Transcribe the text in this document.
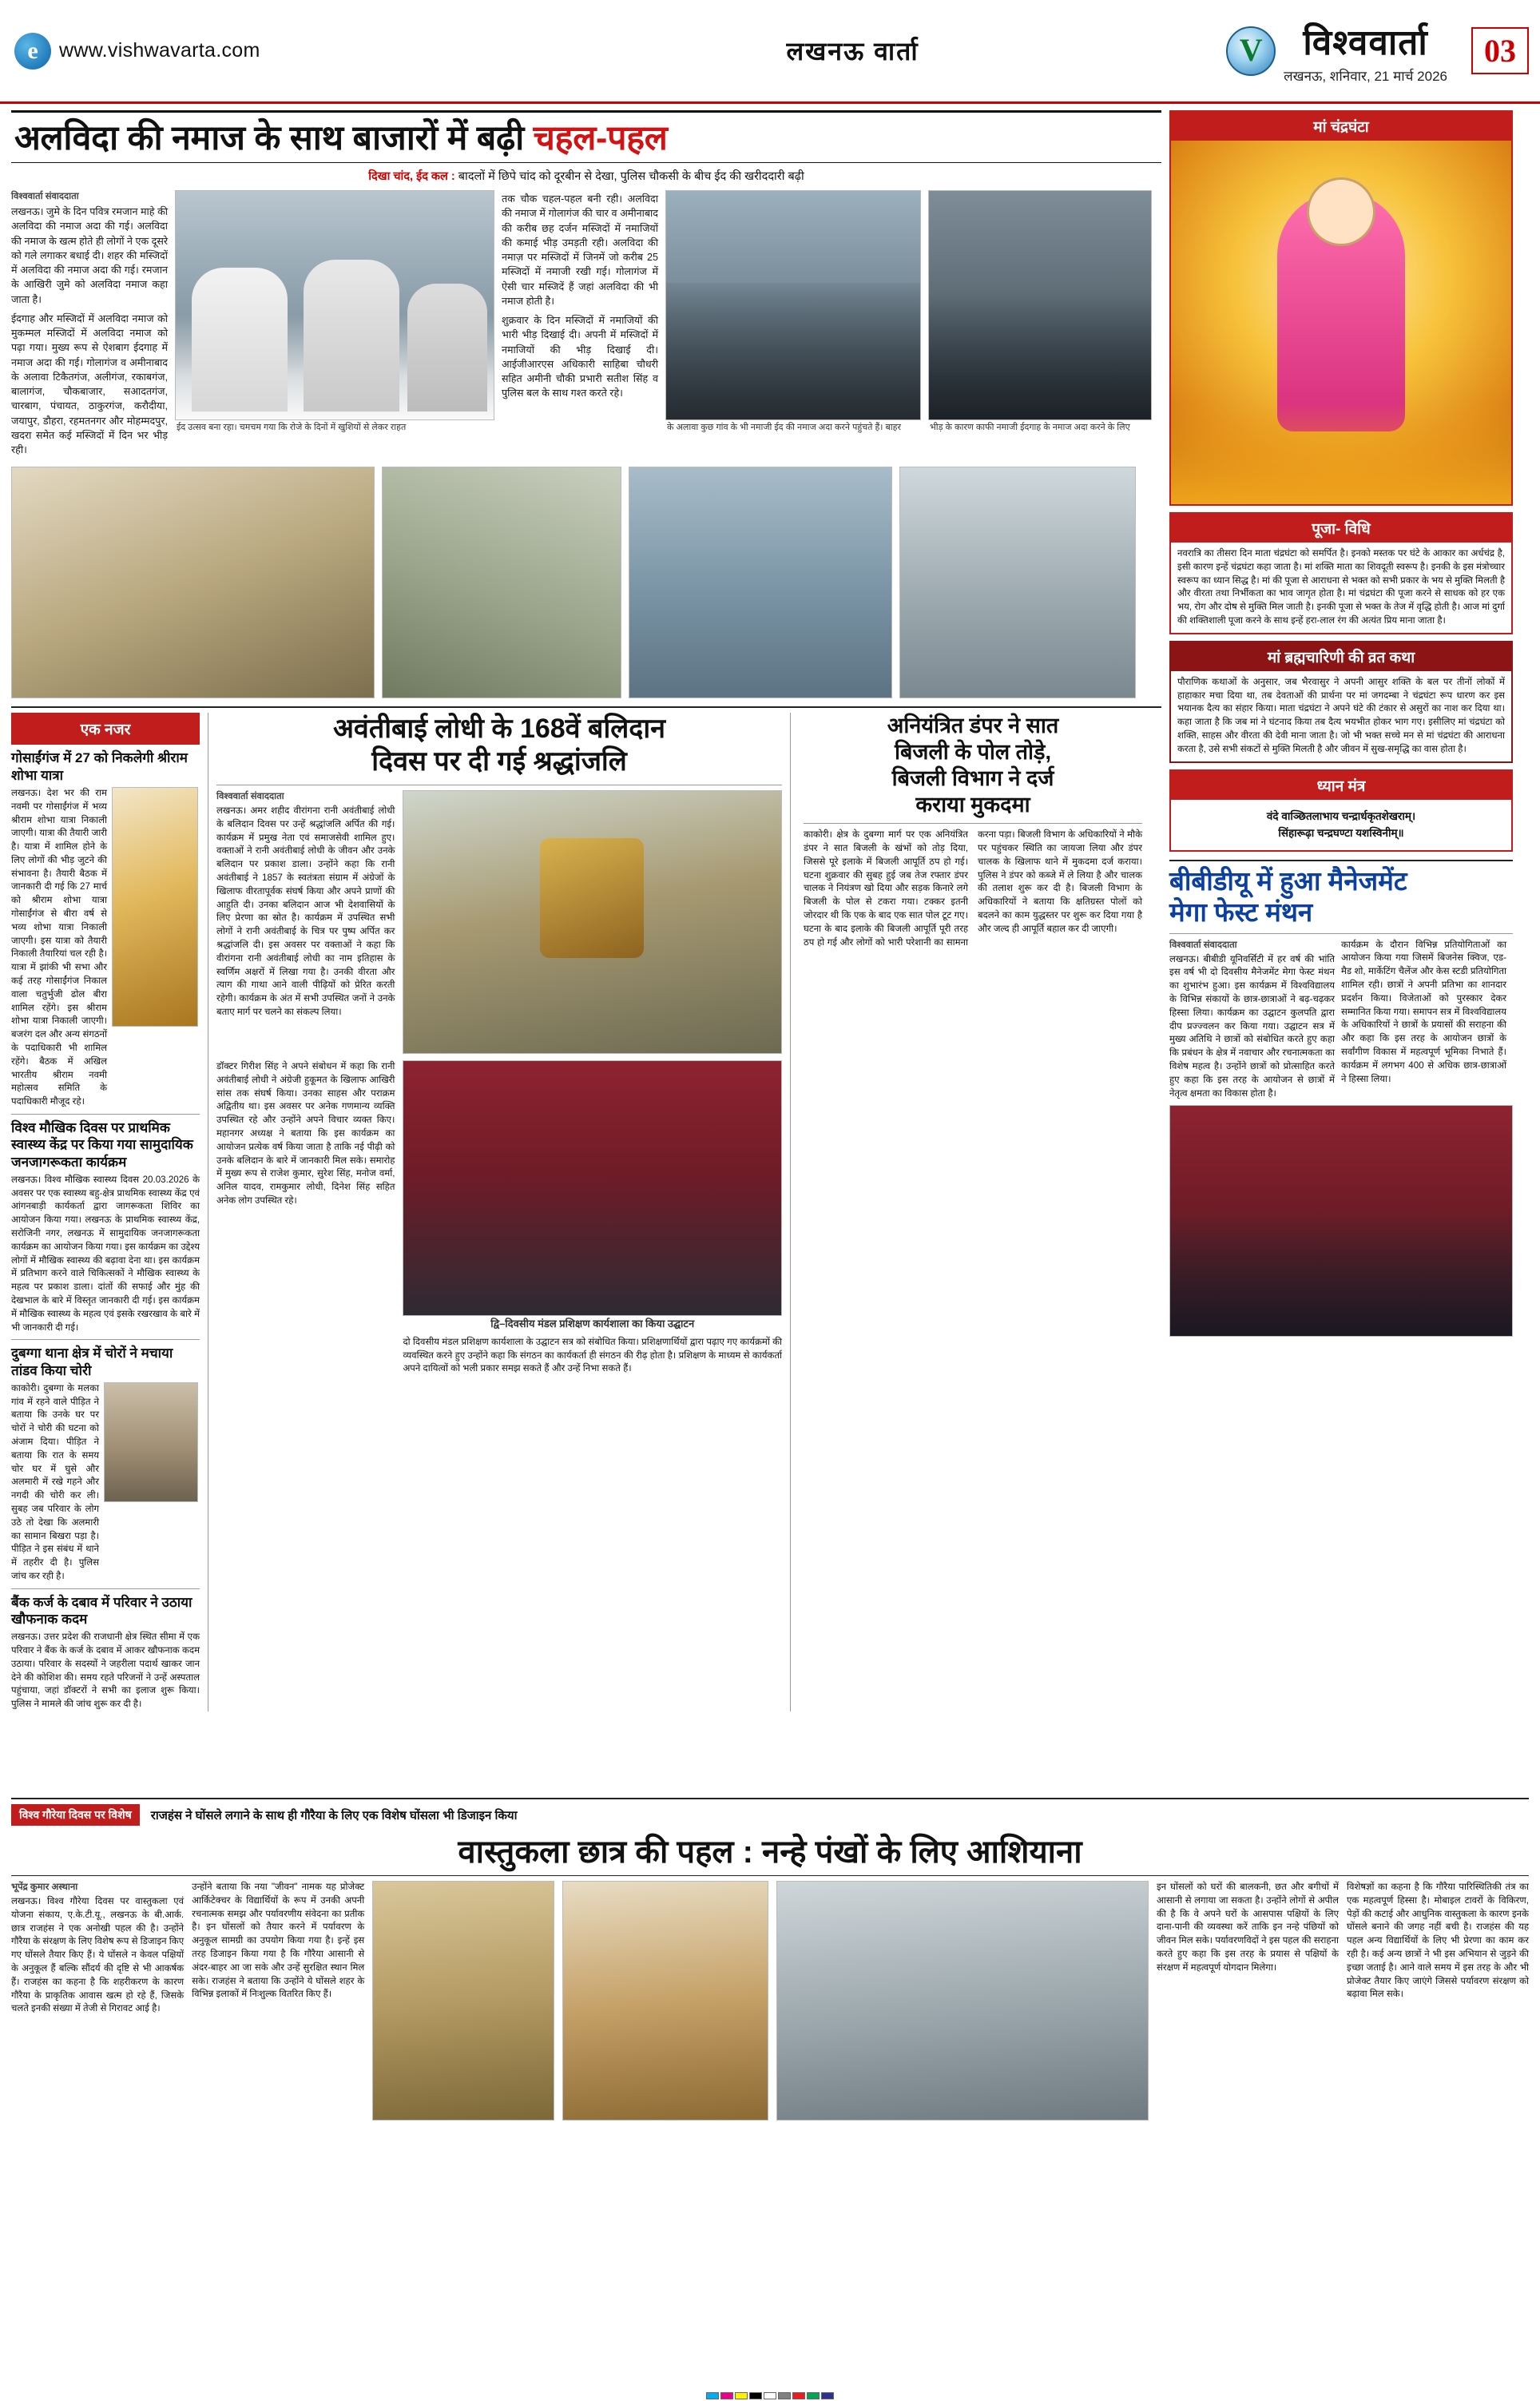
e	www.vishwavarta.com	लखनऊ वार्ता V	विश्ववार्ता
लखनऊ, शनिवार, 21 मार्च 2026
03
अलविदा की नमाज के साथ बाजारों में बढ़ी चहल-पहल
दिखा चांद, ईद कल : बादलों में छिपे चांद को दूरबीन से देखा, पुलिस चौकसी के बीच ईद की खरीददारी बढ़ी
विश्ववार्ता संवाददाता

लखनऊ। जुमे के दिन पवित्र रमजान माहे की अलविदा की नमाज अदा की गई। अलविदा की नमाज के खत्म होते ही लोगों ने एक दूसरे को गले लगाकर बधाई दी। शहर की मस्जिदों में अलविदा की नमाज अदा की गई। रमजान के आखिरी जुमे को अलविदा नमाज कहा जाता है।

ईदगाह और मस्जिदों में अलविदा नमाज को मुकम्मल मस्जिदों में अलविदा नमाज को पढ़ा गया। मुख्य रूप से ऐशबाग ईदगाह में नमाज अदा की गई। गोलागंज व अमीनाबाद के अलावा टिकैतगंज, अलीगंज, रकाबगंज, बालागंज, चौकबाजार, सआदतगंज, चारबाग, पंचायत, ठाकुरगंज, करौदीया, जयापुर, डौहरा, रहमतनगर और मोहम्मदपुर, खदरा समेत कई मस्जिदों में दिन भर भीड़ रही।

ईद उत्सव बना रहा। चमचम गया कि रोजे के दिनों में खुशियों से लेकर राहत

तक चौक चहल-पहल बनी रही। अलविदा की नमाज में गोलागंज की चार व अमीनाबाद की करीब छह दर्जन मस्जिदों में नमाजियों की कमाई भीड़ उमड़ती रही। अलविदा की नमाज़ पर मस्जिदों में जिनमें जो करीब 25 मस्जिदों में नमाजी रखी गई। गोलागंज में ऐसी चार मस्जिदें हैं जहां अलविदा की भी नमाज होती है।

शुक्रवार के दिन मस्जिदों में नमाजियों की भारी भीड़ दिखाई दी। अपनी में मस्जिदों में नमाजियों की भीड़ दिखाई दी। आईजीआरएस अधिकारी साहिबा चौधरी सहित अमीनी चौकी प्रभारी सतीश सिंह व पुलिस बल के साथ गश्त करते रहे।

के अलावा कुछ गांव के भी नमाजी ईद की नमाज अदा करने पहुंचते हैं। बाहर	भीड़ के कारण काफी नमाजी ईदगाह के नमाज अदा करने के लिए
एक नजर
गोसाईंगंज में 27 को निकलेगी श्रीराम शोभा यात्रा
लखनऊ। देश भर की राम नवमी पर गोसाईंगंज में भव्य श्रीराम शोभा यात्रा निकाली जाएगी। यात्रा की तैयारी जारी है। यात्रा में शामिल होने के लिए लोगों की भीड़ जुटने की संभावना है। तैयारी बैठक में जानकारी दी गई कि 27 मार्च को श्रीराम शोभा यात्रा गोसाईंगंज से बीरा वर्ष से भव्य शोभा यात्रा निकाली जाएगी। इस यात्रा को तैयारी निकाली तैयारियां चल रही है। यात्रा में झांकी भी सभा और कई तरह गोसाईंगंज निकाल वाला चतुर्भुजी ढोल बीरा शामिल रहेंगे। इस श्रीराम शोभा यात्रा निकाली जाएगी। बजरंग दल और अन्य संगठनों के पदाधिकारी भी शामिल रहेंगे। बैठक में अखिल भारतीय श्रीराम नवमी महोत्सव समिति के पदाधिकारी मौजूद रहे।
विश्व मौखिक दिवस पर प्राथमिक स्वास्थ्य केंद्र पर किया गया सामुदायिक जनजागरूकता कार्यक्रम
लखनऊ। विश्व मौखिक स्वास्थ्य दिवस 20.03.2026 के अवसर पर एक स्वास्थ्य बहु-क्षेत्र प्राथमिक स्वास्थ्य केंद्र एवं आंगनबाड़ी कार्यकर्ता द्वारा जागरूकता शिविर का आयोजन किया गया। लखनऊ के प्राथमिक स्वास्थ्य केंद्र, सरोजिनी नगर, लखनऊ में सामुदायिक जनजागरूकता कार्यक्रम का आयोजन किया गया। इस कार्यक्रम का उद्देश्य लोगों में मौखिक स्वास्थ्य की बढ़ावा देना था। इस कार्यक्रम में प्रतिभाग करने वाले चिकित्सकों ने मौखिक स्वास्थ्य के महत्व पर प्रकाश डाला। दांतों की सफाई और मुंह की देखभाल के बारे में विस्तृत जानकारी दी गई। इस कार्यक्रम में मौखिक स्वास्थ्य के महत्व एवं इसके रखरखाव के बारे में भी जानकारी दी गई।
दुबग्गा थाना क्षेत्र में चोरों ने मचाया तांडव किया चोरी
काकोरी। दुबग्गा के मलका गांव में रहने वाले पीड़ित ने बताया कि उनके घर पर चोरों ने चोरी की घटना को अंजाम दिया। पीड़ित ने बताया कि रात के समय चोर घर में घुसे और अलमारी में रखे गहने और नगदी की चोरी कर ली। सुबह जब परिवार के लोग उठे तो देखा कि अलमारी का सामान बिखरा पड़ा है। पीड़ित ने इस संबंध में थाने में तहरीर दी है। पुलिस जांच कर रही है।
बैंक कर्ज के दबाव में परिवार ने उठाया खौफनाक कदम
लखनऊ। उत्तर प्रदेश की राजधानी क्षेत्र स्थित सीमा में एक परिवार ने बैंक के कर्ज के दबाव में आकर खौफनाक कदम उठाया। परिवार के सदस्यों ने जहरीला पदार्थ खाकर जान देने की कोशिश की। समय रहते परिजनों ने उन्हें अस्पताल पहुंचाया, जहां डॉक्टरों ने सभी का इलाज शुरू किया। पुलिस ने मामले की जांच शुरू कर दी है।
अवंतीबाई लोधी के 168वें बलिदान
दिवस पर दी गई श्रद्धांजलि
विश्ववार्ता संवाददाता
लखनऊ। अमर शहीद वीरांगना रानी अवंतीबाई लोधी के बलिदान दिवस पर उन्हें श्रद्धांजलि अर्पित की गई। कार्यक्रम में प्रमुख नेता एवं समाजसेवी शामिल हुए। वक्ताओं ने रानी अवंतीबाई लोधी के जीवन और उनके बलिदान पर प्रकाश डाला। उन्होंने कहा कि रानी अवंतीबाई ने 1857 के स्वतंत्रता संग्राम में अंग्रेजों के खिलाफ वीरतापूर्वक संघर्ष किया और अपने प्राणों की आहुति दी। उनका बलिदान आज भी देशवासियों के लिए प्रेरणा का स्रोत है। कार्यक्रम में उपस्थित सभी लोगों ने रानी अवंतीबाई के चित्र पर पुष्प अर्पित कर श्रद्धांजलि दी। इस अवसर पर वक्ताओं ने कहा कि वीरांगना रानी अवंतीबाई लोधी का नाम इतिहास के स्वर्णिम अक्षरों में लिखा गया है। उनकी वीरता और त्याग की गाथा आने वाली पीढ़ियों को प्रेरित करती रहेगी। कार्यक्रम के अंत में सभी उपस्थित जनों ने उनके बताए मार्ग पर चलने का संकल्प लिया।
डॉक्टर गिरीश सिंह ने अपने संबोधन में कहा कि रानी अवंतीबाई लोधी ने अंग्रेजी हुकूमत के खिलाफ आखिरी सांस तक संघर्ष किया। उनका साहस और पराक्रम अद्वितीय था। इस अवसर पर अनेक गणमान्य व्यक्ति उपस्थित रहे और उन्होंने अपने विचार व्यक्त किए। महानगर अध्यक्ष ने बताया कि इस कार्यक्रम का आयोजन प्रत्येक वर्ष किया जाता है ताकि नई पीढ़ी को उनके बलिदान के बारे में जानकारी मिल सके। समारोह में मुख्य रूप से राजेश कुमार, सुरेश सिंह, मनोज वर्मा, अनिल यादव, रामकुमार लोधी, दिनेश सिंह सहित अनेक लोग उपस्थित रहे।
द्वि–दिवसीय मंडल प्रशिक्षण कार्यशाला का किया उद्घाटन
दो दिवसीय मंडल प्रशिक्षण कार्यशाला के उद्घाटन सत्र को संबोधित किया। प्रशिक्षणार्थियों द्वारा पढ़ाए गए कार्यक्रमों की व्यवस्थित करने हुए उन्होंने कहा कि संगठन का कार्यकर्ता ही संगठन की रीढ़ होता है। प्रशिक्षण के माध्यम से कार्यकर्ता अपने दायित्वों को भली प्रकार समझ सकते हैं और उन्हें निभा सकते हैं।
अनियंत्रित डंपर ने सात
बिजली के पोल तोड़े,
बिजली विभाग ने दर्ज
कराया मुकदमा
काकोरी। क्षेत्र के दुबग्गा मार्ग पर एक अनियंत्रित डंपर ने सात बिजली के खंभों को तोड़ दिया, जिससे पूरे इलाके में बिजली आपूर्ति ठप हो गई। घटना शुक्रवार की सुबह हुई जब तेज रफ्तार डंपर चालक ने नियंत्रण खो दिया और सड़क किनारे लगे बिजली के पोल से टकरा गया। टक्कर इतनी जोरदार थी कि एक के बाद एक सात पोल टूट गए। घटना के बाद इलाके की बिजली आपूर्ति पूरी तरह ठप हो गई और लोगों को भारी परेशानी का सामना करना पड़ा। बिजली विभाग के अधिकारियों ने मौके पर पहुंचकर स्थिति का जायजा लिया और डंपर चालक के खिलाफ थाने में मुकदमा दर्ज कराया। पुलिस ने डंपर को कब्जे में ले लिया है और चालक की तलाश शुरू कर दी है। बिजली विभाग के अधिकारियों ने बताया कि क्षतिग्रस्त पोलों को बदलने का काम युद्धस्तर पर शुरू कर दिया गया है और जल्द ही आपूर्ति बहाल कर दी जाएगी।
मां चंद्रघंटा
पूजा- विधि
नवरात्रि का तीसरा दिन माता चंद्रघंटा को समर्पित है। इनको मस्तक पर घंटे के आकार का अर्धचंद्र है, इसी कारण इन्हें चंद्रघंटा कहा जाता है। मां शक्ति माता का शिवदूती स्वरूप है। इनकी के इस मंत्रोच्चार स्वरूप का ध्यान सिद्ध है। मां की पूजा से आराधना से भक्त को सभी प्रकार के भय से मुक्ति मिलती है और वीरता तथा निर्भीकता का भाव जागृत होता है। मां चंद्रघंटा की पूजा करने से साधक को हर एक भय, रोग और दोष से मुक्ति मिल जाती है। इनकी पूजा से भक्त के तेज में वृद्धि होती है। आज मां दुर्गा की शक्तिशाली पूजा करने के साथ इन्हें हरा-लाल रंग की अत्यंत प्रिय माना जाता है।
मां ब्रह्मचारिणी की व्रत कथा
पौराणिक कथाओं के अनुसार, जब भैरवासुर ने अपनी आसुर शक्ति के बल पर तीनों लोकों में हाहाकार मचा दिया था, तब देवताओं की प्रार्थना पर मां जगदम्बा ने चंद्रघंटा रूप धारण कर इस भयानक दैत्य का संहार किया। माता चंद्रघंटा ने अपने घंटे की टंकार से असुरों का नाश कर दिया था। कहा जाता है कि जब मां ने घंटनाद किया तब दैत्य भयभीत होकर भाग गए। इसीलिए मां चंद्रघंटा को शक्ति, साहस और वीरता की देवी माना जाता है। जो भी भक्त सच्चे मन से मां चंद्रघंटा की आराधना करता है, उसे सभी संकटों से मुक्ति मिलती है और जीवन में सुख-समृद्धि का वास होता है।
ध्यान मंत्र
वंदे वाञ्छितलाभाय चन्द्रार्धकृतशेखराम्।
सिंहारूढ़ा चन्द्रघण्टा यशस्विनीम्॥
बीबीडीयू में हुआ मैनेजमेंट
मेगा फेस्ट मंथन
विश्ववार्ता संवाददाता
लखनऊ। बीबीडी यूनिवर्सिटी में हर वर्ष की भांति इस वर्ष भी दो दिवसीय मैनेजमेंट मेगा फेस्ट मंथन का शुभारंभ हुआ। इस कार्यक्रम में विश्वविद्यालय के विभिन्न संकायों के छात्र-छात्राओं ने बढ़-चढ़कर हिस्सा लिया। कार्यक्रम का उद्घाटन कुलपति द्वारा दीप प्रज्ज्वलन कर किया गया। उद्घाटन सत्र में मुख्य अतिथि ने छात्रों को संबोधित करते हुए कहा कि प्रबंधन के क्षेत्र में नवाचार और रचनात्मकता का विशेष महत्व है। उन्होंने छात्रों को प्रोत्साहित करते हुए कहा कि इस तरह के आयोजन से छात्रों में नेतृत्व क्षमता का विकास होता है।
कार्यक्रम के दौरान विभिन्न प्रतियोगिताओं का आयोजन किया गया जिसमें बिजनेस क्विज, एड-मैड शो, मार्केटिंग चैलेंज और केस स्टडी प्रतियोगिता शामिल रही। छात्रों ने अपनी प्रतिभा का शानदार प्रदर्शन किया। विजेताओं को पुरस्कार देकर सम्मानित किया गया। समापन सत्र में विश्वविद्यालय के अधिकारियों ने छात्रों के प्रयासों की सराहना की और कहा कि इस तरह के आयोजन छात्रों के सर्वांगीण विकास में महत्वपूर्ण भूमिका निभाते हैं। कार्यक्रम में लगभग 400 से अधिक छात्र-छात्राओं ने हिस्सा लिया।
विश्व गौरेया दिवस पर विशेष	राजहंस ने घोंसले लगाने के साथ ही गौरैया के लिए एक विशेष घोंसला भी डिजाइन किया
वास्तुकला छात्र की पहल : नन्हे पंखों के लिए आशियाना
भूपेंद्र कुमार अस्थाना
लखनऊ। विश्व गौरेया दिवस पर वास्तुकला एवं योजना संकाय, ए.के.टी.यू., लखनऊ के बी.आर्क. छात्र राजहंस ने एक अनोखी पहल की है। उन्होंने गौरैया के संरक्षण के लिए विशेष रूप से डिजाइन किए गए घोंसले तैयार किए हैं। ये घोंसले न केवल पक्षियों के अनुकूल हैं बल्कि सौंदर्य की दृष्टि से भी आकर्षक हैं। राजहंस का कहना है कि शहरीकरण के कारण गौरैया के प्राकृतिक आवास खत्म हो रहे हैं, जिसके चलते इनकी संख्या में तेजी से गिरावट आई है।
उन्होंने बताया कि नया "जीवन" नामक यह प्रोजेक्ट आर्किटेक्चर के विद्यार्थियों के रूप में उनकी अपनी रचनात्मक समझ और पर्यावरणीय संवेदना का प्रतीक है। इन घोंसलों को तैयार करने में पर्यावरण के अनुकूल सामग्री का उपयोग किया गया है। इन्हें इस तरह डिजाइन किया गया है कि गौरैया आसानी से अंदर-बाहर आ जा सके और उन्हें सुरक्षित स्थान मिल सके। राजहंस ने बताया कि उन्होंने ये घोंसले शहर के विभिन्न इलाकों में निःशुल्क वितरित किए हैं।
इन घोंसलों को घरों की बालकनी, छत और बगीचों में आसानी से लगाया जा सकता है। उन्होंने लोगों से अपील की है कि वे अपने घरों के आसपास पक्षियों के लिए दाना-पानी की व्यवस्था करें ताकि इन नन्हे पंछियों को जीवन मिल सके। पर्यावरणविदों ने इस पहल की सराहना करते हुए कहा कि इस तरह के प्रयास से पक्षियों के संरक्षण में महत्वपूर्ण योगदान मिलेगा।
विशेषज्ञों का कहना है कि गौरैया पारिस्थितिकी तंत्र का एक महत्वपूर्ण हिस्सा है। मोबाइल टावरों के विकिरण, पेड़ों की कटाई और आधुनिक वास्तुकला के कारण इनके घोंसले बनाने की जगह नहीं बची है। राजहंस की यह पहल अन्य विद्यार्थियों के लिए भी प्रेरणा का काम कर रही है। कई अन्य छात्रों ने भी इस अभियान से जुड़ने की इच्छा जताई है। आने वाले समय में इस तरह के और भी प्रोजेक्ट तैयार किए जाएंगे जिससे पर्यावरण संरक्षण को बढ़ावा मिल सके।
